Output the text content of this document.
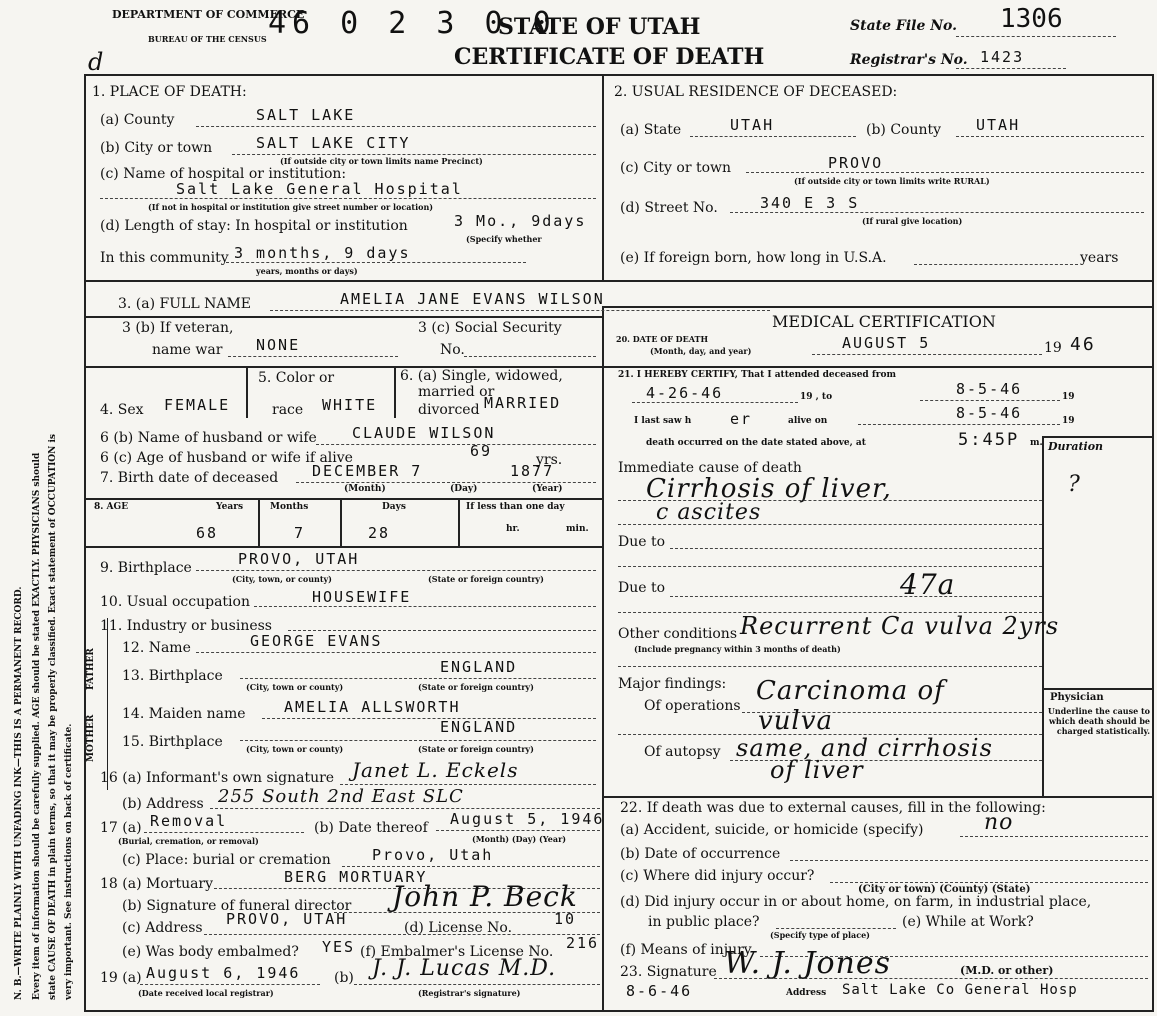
DEPARTMENT OF COMMERCE
BUREAU OF THE CENSUS 46 0 2 3 0 0
STATE OF UTAH
CERTIFICATE OF DEATH
State File No. 1306
Registrar's No. 1423
d
N. B.—WRITE PLAINLY WITH UNFADING INK—THIS IS A PERMANENT RECORD. Every item of information should be carefully supplied. AGE should be stated EXACTLY. PHYSICIANS should state CAUSE OF DEATH in plain terms, so that it may be properly classified. Exact statement of OCCUPATION is very important. See instructions on back of certificate. MOTHER
FATHER
1. PLACE OF DEATH:
(a) County	SALT LAKE
(b) City or town	SALT LAKE CITY
(If outside city or town limits name Precinct)
(c) Name of hospital or institution:
Salt Lake General Hospital
(If not in hospital or institution give street number or location)
(d) Length of stay: In hospital or institution	3 Mo., 9days
(Specify whether
In this community 3 months, 9 days
years, months or days)
2. USUAL RESIDENCE OF DECEASED:
(a) State	UTAH	(b) County UTAH
(c) City or town	PROVO
(If outside city or town limits write RURAL)
(d) Street No.	340 E 3 S
(If rural give location)
(e) If foreign born, how long in U.S.A.	years
3. (a) FULL NAME	AMELIA JANE EVANS WILSON
3 (b) If veteran,
name war NONE
3 (c) Social Security
No.
MEDICAL CERTIFICATION
20. DATE OF DEATH
(Month, day, and year)	AUGUST 5	19 46
21. I HEREBY CERTIFY, That I attended deceased from
4-26-46	19 , to	8-5-46	19
I last saw h	er	alive on	8-5-46	19
death occurred on the date stated above, at	5:45P m. Duration
Immediate cause of death
Cirrhosis of liver,	?
c ascites
Due to
Due to	47a
Other conditions Recurrent Ca vulva 2yrs
(Include pregnancy within 3 months of death)
Major findings:
Of operations Carcinoma of
vulva
Of autopsy same, and cirrhosis
of liver
Physician
Underline the cause to which death should be charged statistically.
4. Sex FEMALE
5. Color or
race WHITE
6. (a) Single, widowed,
married or
divorced MARRIED
6 (b) Name of husband or wife CLAUDE WILSON
6 (c) Age of husband or wife if alive	69	yrs.
7. Birth date of deceased DECEMBER 7	1877
(Month)	(Day)	(Year)
8. AGE	Years	Months	Days	If less than one day
68	7	28	hr.	min.
9. Birthplace	PROVO, UTAH
(City, town, or county)	(State or foreign country)
10. Usual occupation	HOUSEWIFE
11. Industry or business
12. Name	GEORGE EVANS
13. Birthplace	ENGLAND
(City, town or county)	(State or foreign country)
14. Maiden name	AMELIA ALLSWORTH
15. Birthplace
ENGLAND
(City, town or county)	(State or foreign country)
16 (a) Informant's own signature Janet L. Eckels
(b) Address 255 South 2nd East SLC
17 (a) Removal
(Burial, cremation, or removal)
(b) Date thereof August 5, 1946
(Month) (Day) (Year)
(c) Place: burial or cremation	Provo, Utah
18 (a) Mortuary	BERG MORTUARY
(b) Signature of funeral director John P. Beck
(c) Address PROVO, UTAH	(d) License No.	10
(e) Was body embalmed? YES (f) Embalmer's License No. 216
19 (a) August 6, 1946
(Date received local registrar)
(b) J. J. Lucas M.D.
(Registrar's signature)
22. If death was due to external causes, fill in the following:
(a) Accident, suicide, or homicide (specify)	no
(b) Date of occurrence
(c) Where did injury occur?
(City or town) (County) (State)
(d) Did injury occur in or about home, on farm, in industrial place,
in public place?
(Specify type of place)
(e) While at Work?
(f) Means of injury
23. Signature W. J. Jones	(M.D. or other)
8-6-46	Address Salt Lake Co General Hosp
